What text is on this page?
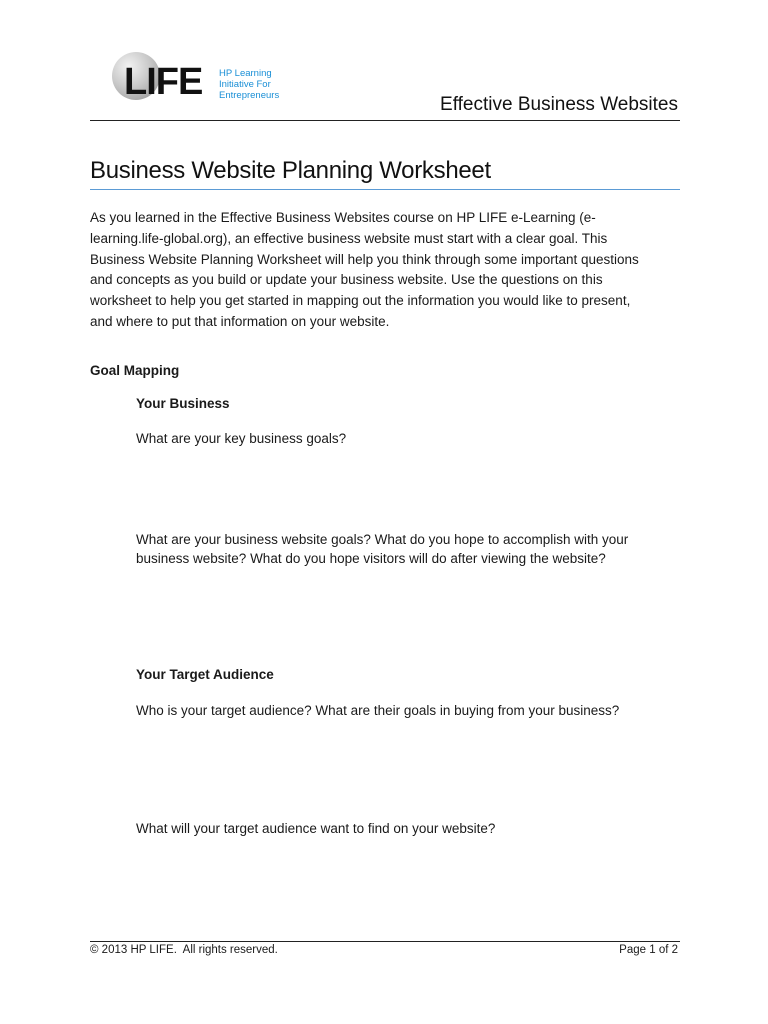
LIFE HP Learning
Initiative For
Entrepreneurs	Effective Business Websites
Business Website Planning Worksheet
As you learned in the Effective Business Websites course on HP LIFE e-Learning (e-
learning.life-global.org), an effective business website must start with a clear goal. This
Business Website Planning Worksheet will help you think through some important questions
and concepts as you build or update your business website. Use the questions on this
worksheet to help you get started in mapping out the information you would like to present,
and where to put that information on your website.
Goal Mapping
Your Business
What are your key business goals?
What are your business website goals? What do you hope to accomplish with your
business website? What do you hope visitors will do after viewing the website?
Your Target Audience
Who is your target audience? What are their goals in buying from your business?
What will your target audience want to find on your website?
© 2013 HP LIFE.  All rights reserved.	Page 1 of 2
